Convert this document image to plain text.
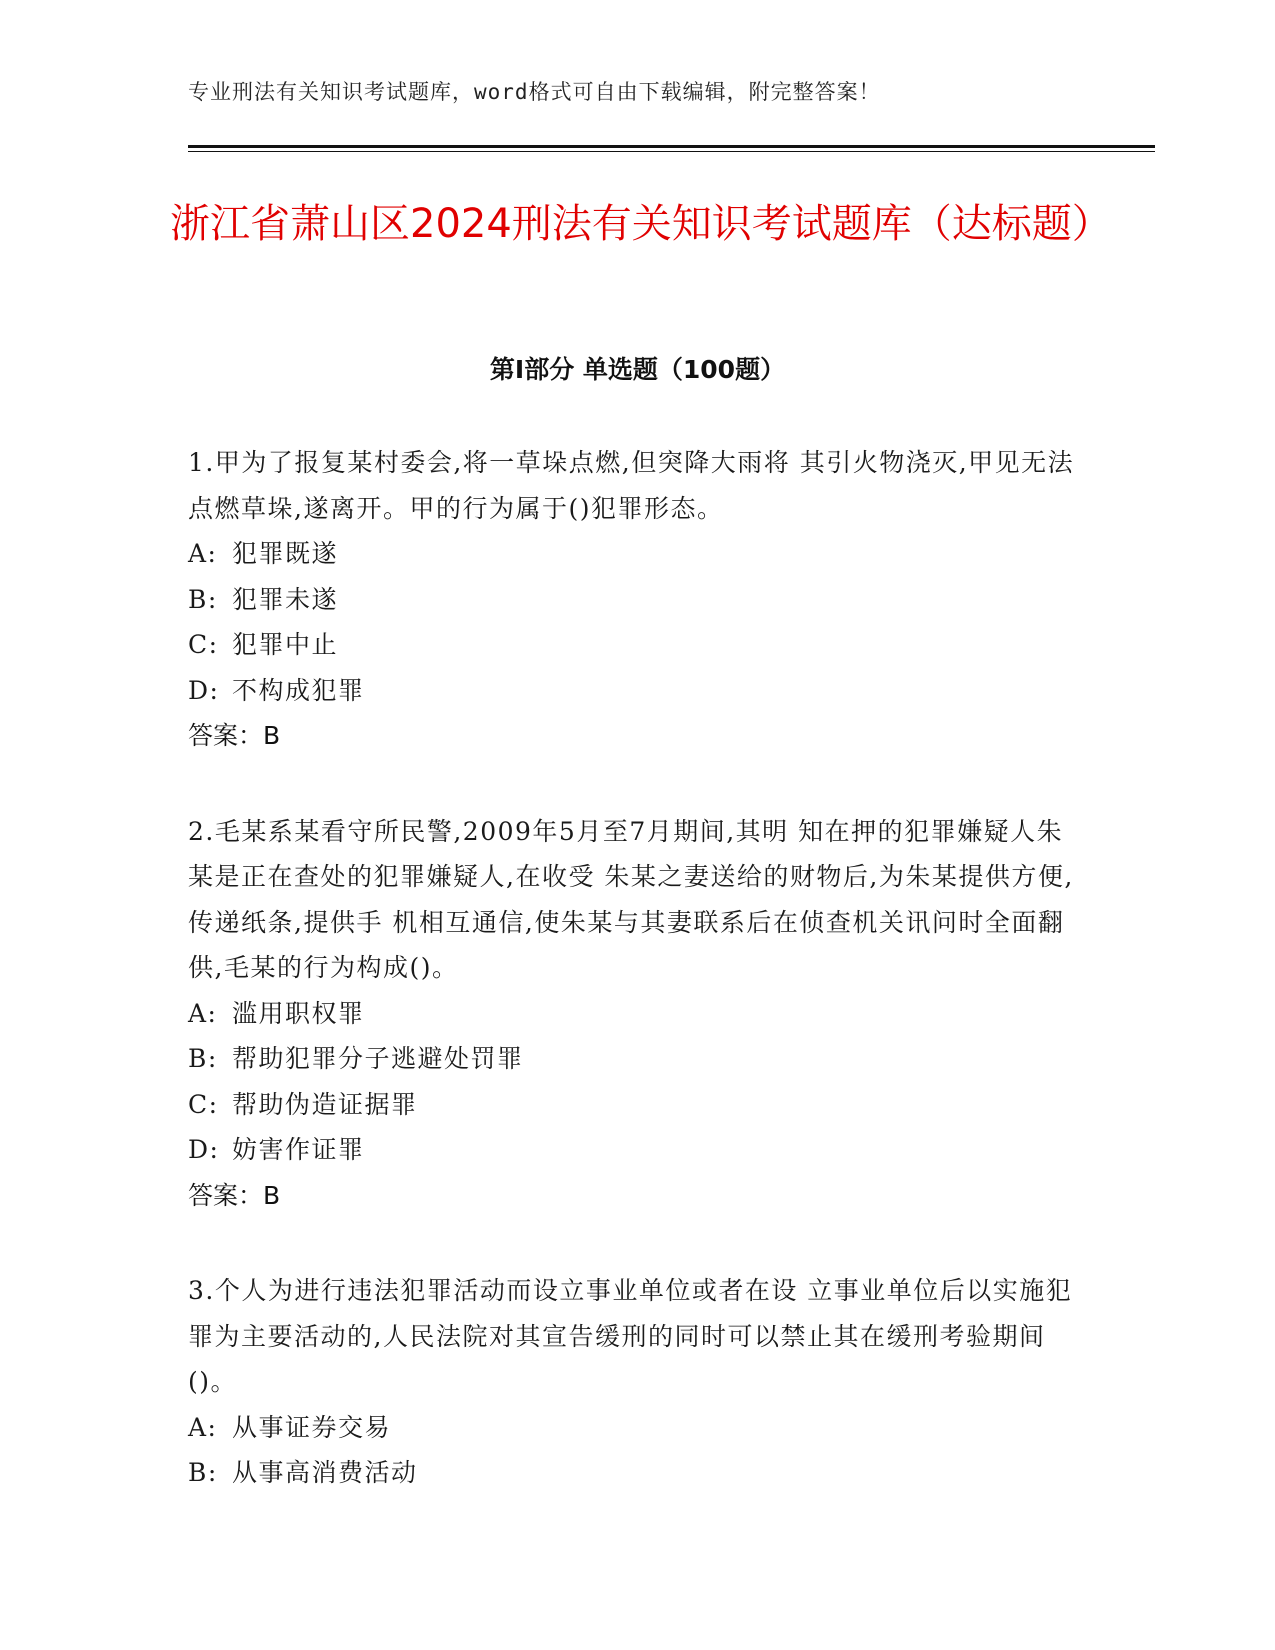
专业刑法有关知识考试题库，word格式可自由下载编辑，附完整答案！
浙江省萧山区2024刑法有关知识考试题库（达标题）
第Ⅰ部分 单选题（100题）

1.甲为了报复某村委会,将一草垛点燃,但突降大雨将 其引火物浇灭,甲见无法点燃草垛,遂离开。甲的行为属于()犯罪形态。

A: 犯罪既遂
B: 犯罪未遂
C: 犯罪中止
D: 不构成犯罪
答案：B

2.毛某系某看守所民警,2009年5月至7月期间,其明 知在押的犯罪嫌疑人朱某是正在查处的犯罪嫌疑人,在收受 朱某之妻送给的财物后,为朱某提供方便,传递纸条,提供手 机相互通信,使朱某与其妻联系后在侦查机关讯问时全面翻供,毛某的行为构成()。

A: 滥用职权罪
B: 帮助犯罪分子逃避处罚罪
C: 帮助伪造证据罪
D: 妨害作证罪
答案：B

3.个人为进行违法犯罪活动而设立事业单位或者在设 立事业单位后以实施犯罪为主要活动的,人民法院对其宣告缓刑的同时可以禁止其在缓刑考验期间()。

A: 从事证券交易
B: 从事高消费活动
